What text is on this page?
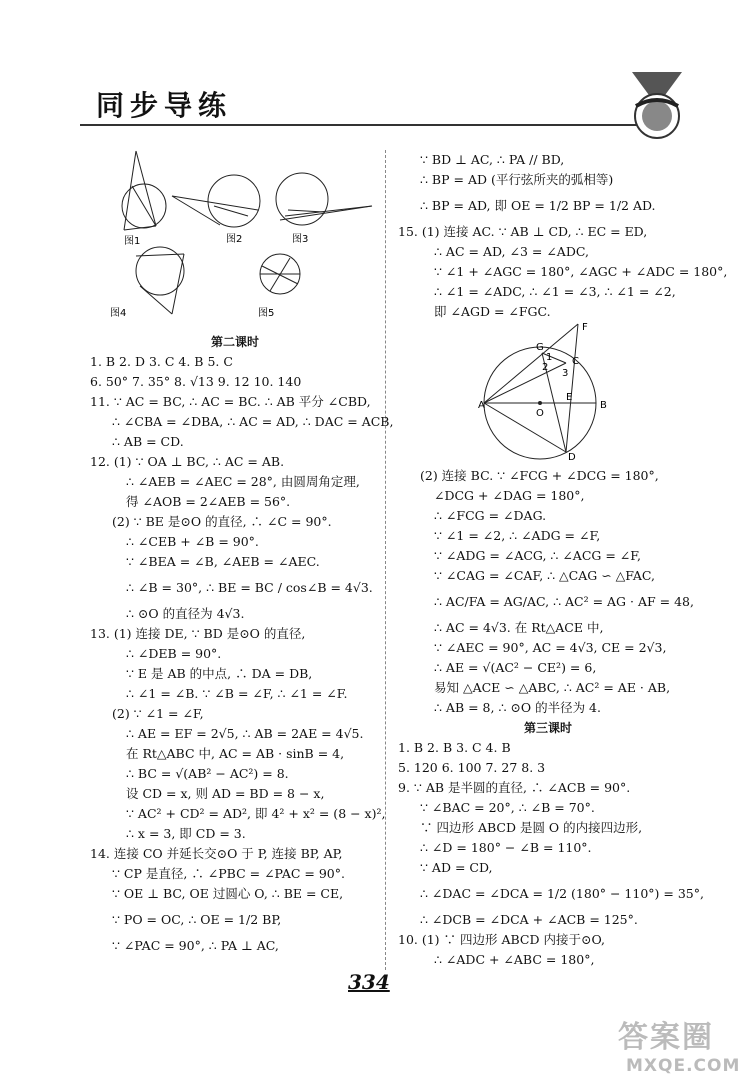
同步导练
图1	图2	图3
图4	图5
第二课时
1. B 2. D 3. C 4. B 5. C
6. 50° 7. 35° 8. √13 9. 12 10. 140
11. ∵ AC = BC, ∴ AC = BC. ∴ AB 平分 ∠CBD,
∴ ∠CBA = ∠DBA, ∴ AC = AD, ∴ DAC = ACB,
∴ AB = CD.
12. (1) ∵ OA ⊥ BC, ∴ AC = AB.
∴ ∠AEB = ∠AEC = 28°, 由圆周角定理,
得 ∠AOB = 2∠AEB = 56°.
(2) ∵ BE 是⊙O 的直径, ∴ ∠C = 90°.
∴ ∠CEB + ∠B = 90°.
∵ ∠BEA = ∠B, ∠AEB = ∠AEC.
∴ ∠B = 30°, ∴ BE = BC / cos∠B = 4√3.
∴ ⊙O 的直径为 4√3.
13. (1) 连接 DE, ∵ BD 是⊙O 的直径,
∴ ∠DEB = 90°.
∵ E 是 AB 的中点, ∴ DA = DB,
∴ ∠1 = ∠B. ∵ ∠B = ∠F, ∴ ∠1 = ∠F.
(2) ∵ ∠1 = ∠F,
∴ AE = EF = 2√5, ∴ AB = 2AE = 4√5.
在 Rt△ABC 中, AC = AB · sinB = 4,
∴ BC = √(AB² − AC²) = 8.
设 CD = x, 则 AD = BD = 8 − x,
∵ AC² + CD² = AD², 即 4² + x² = (8 − x)²,
∴ x = 3, 即 CD = 3.
14. 连接 CO 并延长交⊙O 于 P, 连接 BP, AP,
∵ CP 是直径, ∴ ∠PBC = ∠PAC = 90°.
∵ OE ⊥ BC, OE 过圆心 O, ∴ BE = CE,
∵ PO = OC, ∴ OE = 1/2 BP,
∵ ∠PAC = 90°, ∴ PA ⊥ AC,
∵ BD ⊥ AC, ∴ PA // BD,
∴ BP = AD (平行弦所夹的弧相等)
∴ BP = AD, 即 OE = 1/2 BP = 1/2 AD.
15. (1) 连接 AC. ∵ AB ⊥ CD, ∴ EC = ED,
∴ AC = AD, ∠3 = ∠ADC,
∵ ∠1 + ∠AGC = 180°, ∠AGC + ∠ADC = 180°,
∴ ∠1 = ∠ADC, ∴ ∠1 = ∠3, ∴ ∠1 = ∠2,
即 ∠AGD = ∠FGC.
F
G
C
A
O
E
B
D
1
2
3
(2) 连接 BC. ∵ ∠FCG + ∠DCG = 180°,
∠DCG + ∠DAG = 180°,
∴ ∠FCG = ∠DAG.
∵ ∠1 = ∠2, ∴ ∠ADG = ∠F,
∵ ∠ADG = ∠ACG, ∴ ∠ACG = ∠F,
∵ ∠CAG = ∠CAF, ∴ △CAG ∽ △FAC,
∴ AC/FA = AG/AC, ∴ AC² = AG · AF = 48,
∴ AC = 4√3. 在 Rt△ACE 中,
∵ ∠AEC = 90°, AC = 4√3, CE = 2√3,
∴ AE = √(AC² − CE²) = 6,
易知 △ACE ∽ △ABC, ∴ AC² = AE · AB,
∴ AB = 8, ∴ ⊙O 的半径为 4.
第三课时
1. B 2. B 3. C 4. B
5. 120 6. 100 7. 27 8. 3
9. ∵ AB 是半圆的直径, ∴ ∠ACB = 90°.
∵ ∠BAC = 20°, ∴ ∠B = 70°.
∵ 四边形 ABCD 是圆 O 的内接四边形,
∴ ∠D = 180° − ∠B = 110°.
∵ AD = CD,
∴ ∠DAC = ∠DCA = 1/2 (180° − 110°) = 35°,
∴ ∠DCB = ∠DCA + ∠ACB = 125°.
10. (1) ∵ 四边形 ABCD 内接于⊙O,
∴ ∠ADC + ∠ABC = 180°,
334
答案圈
MXQE.COM
